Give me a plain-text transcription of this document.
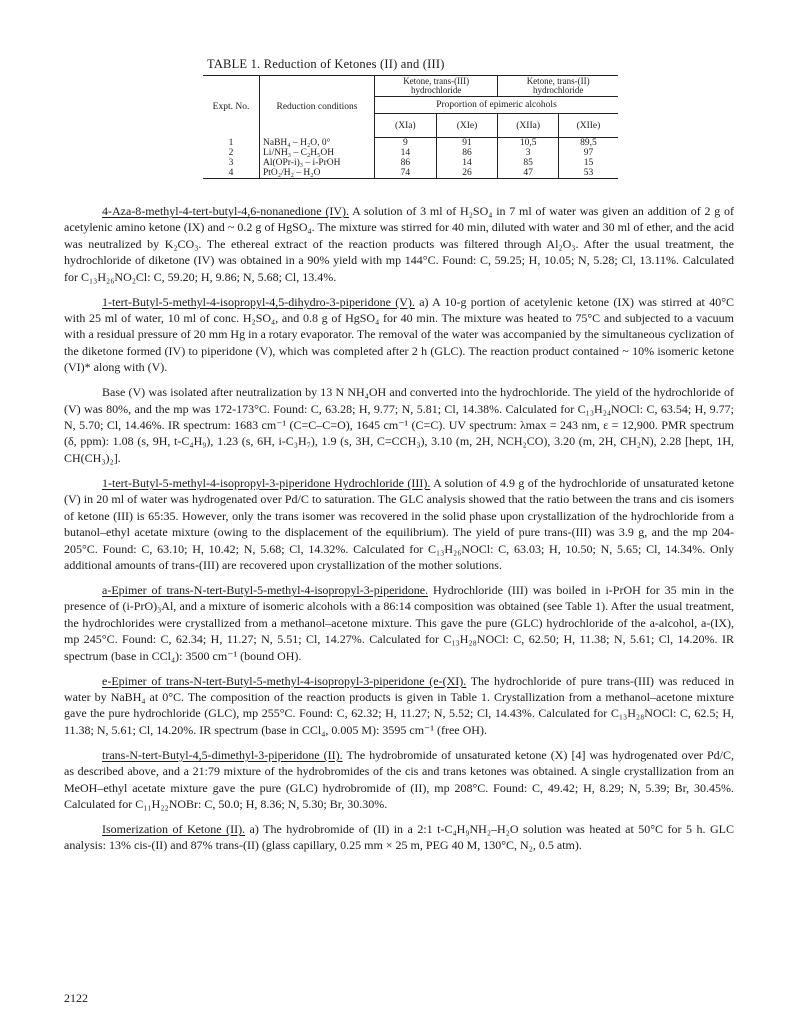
TABLE 1. Reduction of Ketones (II) and (III)
Expt. No.	Reduction conditions	Ketone, trans-(III) hydrochloride		Ketone, trans-(II) hydrochloride	
		Proportion of epimeric alcohols			
		(XIa)	(XIe)	(XIIa)	(XIIe)
1	NaBH₄ – H₂O, 0°	9	91	10,5	89,5
2	Li/NH₃ – C₂H₅OH	14	86	3	97
3	Al(OPr-i)₃ – i-PrOH	86	14	85	15
4	PtO₂/H₂ – H₂O	74	26	47	53

4-Aza-8-methyl-4-tert-butyl-4,6-nonanedione (IV). A solution of 3 ml of H₂SO₄ in 7 ml of water was given an addition of 2 g of acetylenic amino ketone (IX) and ~ 0.2 g of HgSO₄. The mixture was stirred for 40 min, diluted with water and 30 ml of ether, and the acid was neutralized by K₂CO₃. The ethereal extract of the reaction products was filtered through Al₂O₃. After the usual treatment, the hydrochloride of diketone (IV) was obtained in a 90% yield with mp 144°C. Found: C, 59.25; H, 10.05; N, 5.28; Cl, 13.11%. Calculated for C₁₃H₂₆NO₂Cl: C, 59.20; H, 9.86; N, 5.68; Cl, 13.4%.

1-tert-Butyl-5-methyl-4-isopropyl-4,5-dihydro-3-piperidone (V). a) A 10-g portion of acetylenic ketone (IX) was stirred at 40°C with 25 ml of water, 10 ml of conc. H₂SO₄, and 0.8 g of HgSO₄ for 40 min. The mixture was heated to 75°C and subjected to a vacuum with a residual pressure of 20 mm Hg in a rotary evaporator. The removal of the water was accompanied by the simultaneous cyclization of the diketone formed (IV) to piperidone (V), which was completed after 2 h (GLC). The reaction product contained ~ 10% isomeric ketone (VI)* along with (V).

Base (V) was isolated after neutralization by 13 N NH₄OH and converted into the hydrochloride. The yield of the hydrochloride of (V) was 80%, and the mp was 172-173°C. Found: C, 63.28; H, 9.77; N, 5.81; Cl, 14.38%. Calculated for C₁₃H₂₄NOCl: C, 63.54; H, 9.77; N, 5.70; Cl, 14.46%. IR spectrum: 1683 cm⁻¹ (C=C–C=O), 1645 cm⁻¹ (C=C). UV spectrum: λmax = 243 nm, ε = 12,900. PMR spectrum (δ, ppm): 1.08 (s, 9H, t-C₄H₉), 1.23 (s, 6H, i-C₃H₇), 1.9 (s, 3H, C=CCH₃), 3.10 (m, 2H, NCH₂CO), 3.20 (m, 2H, CH₂N), 2.28 [hept, 1H, CH(CH₃)₂].

1-tert-Butyl-5-methyl-4-isopropyl-3-piperidone Hydrochloride (III). A solution of 4.9 g of the hydrochloride of unsaturated ketone (V) in 20 ml of water was hydrogenated over Pd/C to saturation. The GLC analysis showed that the ratio between the trans and cis isomers of ketone (III) is 65:35. However, only the trans isomer was recovered in the solid phase upon crystallization of the hydrochloride from a butanol–ethyl acetate mixture (owing to the displacement of the equilibrium). The yield of pure trans-(III) was 3.9 g, and the mp 204-205°C. Found: C, 63.10; H, 10.42; N, 5.68; Cl, 14.32%. Calculated for C₁₃H₂₆NOCl: C, 63.03; H, 10.50; N, 5.65; Cl, 14.34%. Only additional amounts of trans-(III) are recovered upon crystallization of the mother solutions.

a-Epimer of trans-N-tert-Butyl-5-methyl-4-isopropyl-3-piperidone. Hydrochloride (III) was boiled in i-PrOH for 35 min in the presence of (i-PrO)₃Al, and a mixture of isomeric alcohols with a 86:14 composition was obtained (see Table 1). After the usual treatment, the hydrochlorides were crystallized from a methanol–acetone mixture. This gave the pure (GLC) hydrochloride of the a-alcohol, a-(IX), mp 245°C. Found: C, 62.34; H, 11.27; N, 5.51; Cl, 14.27%. Calculated for C₁₃H₂₈NOCl: C, 62.50; H, 11.38; N, 5.61; Cl, 14.20%. IR spectrum (base in CCl₄): 3500 cm⁻¹ (bound OH).

e-Epimer of trans-N-tert-Butyl-5-methyl-4-isopropyl-3-piperidone (e-(XI). The hydrochloride of pure trans-(III) was reduced in water by NaBH₄ at 0°C. The composition of the reaction products is given in Table 1. Crystallization from a methanol–acetone mixture gave the pure hydrochloride (GLC), mp 255°C. Found: C, 62.32; H, 11.27; N, 5.52; Cl, 14.43%. Calculated for C₁₃H₂₈NOCl: C, 62.5; H, 11.38; N, 5.61; Cl, 14.20%. IR spectrum (base in CCl₄, 0.005 M): 3595 cm⁻¹ (free OH).

trans-N-tert-Butyl-4,5-dimethyl-3-piperidone (II). The hydrobromide of unsaturated ketone (X) [4] was hydrogenated over Pd/C, as described above, and a 21:79 mixture of the hydrobromides of the cis and trans ketones was obtained. A single crystallization from an MeOH–ethyl acetate mixture gave the pure (GLC) hydrobromide of (II), mp 208°C. Found: C, 49.42; H, 8.29; N, 5.39; Br, 30.45%. Calculated for C₁₁H₂₂NOBr: C, 50.0; H, 8.36; N, 5.30; Br, 30.30%.

Isomerization of Ketone (II). a) The hydrobromide of (II) in a 2:1 t-C₄H₉NH₂–H₂O solution was heated at 50°C for 5 h. GLC analysis: 13% cis-(II) and 87% trans-(II) (glass capillary, 0.25 mm × 25 m, PEG 40 M, 130°C, N₂, 0.5 atm).

2122
